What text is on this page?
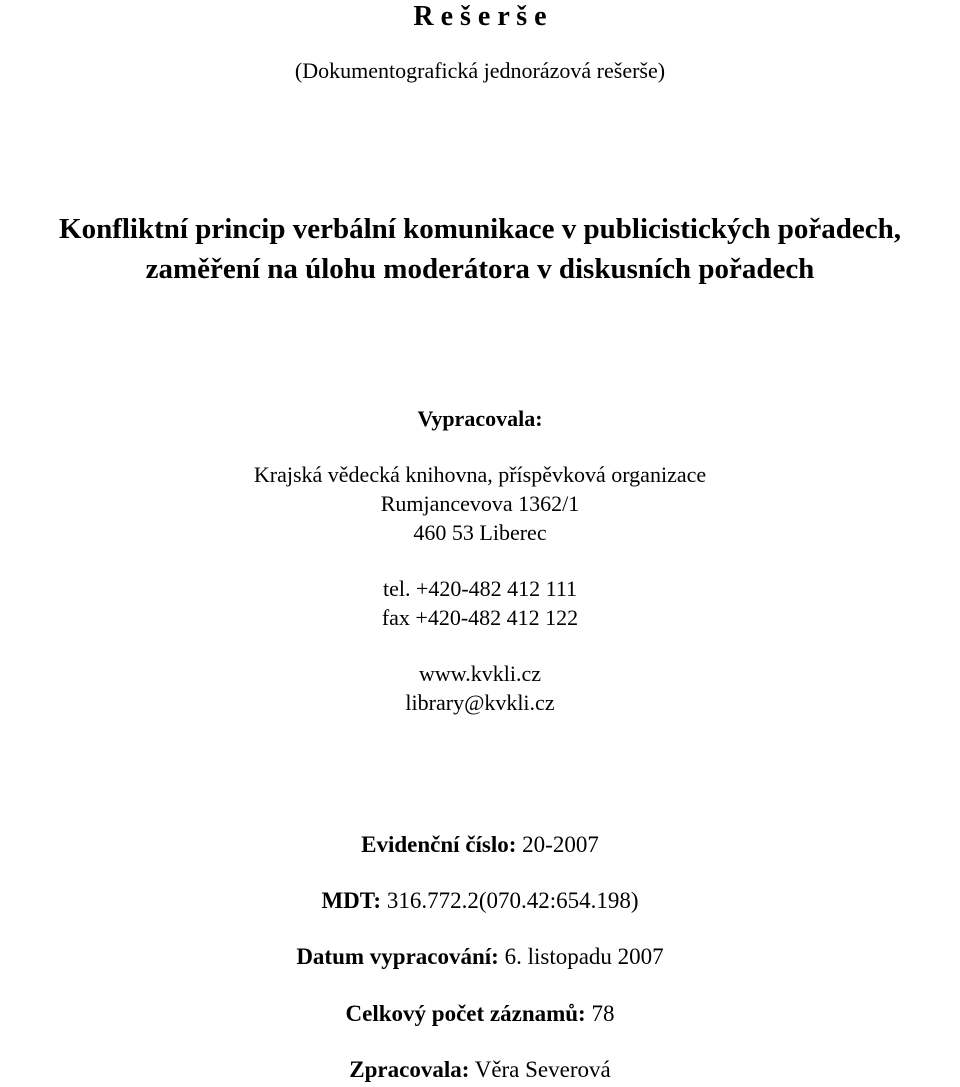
R e š e r š e
(Dokumentografická jednorázová rešerše)
Konfliktní princip verbální komunikace v publicistických pořadech,
zaměření na úlohu moderátora v diskusních pořadech
Vypracovala:
Krajská vědecká knihovna, příspěvková organizace
Rumjancevova 1362/1
460 53 Liberec
tel. +420-482 412 111
fax +420-482 412 122
www.kvkli.cz
library@kvkli.cz
Evidenční číslo: 20-2007
MDT: 316.772.2(070.42:654.198)
Datum vypracování: 6. listopadu 2007
Celkový počet záznamů: 78
Zpracovala: Věra Severová
